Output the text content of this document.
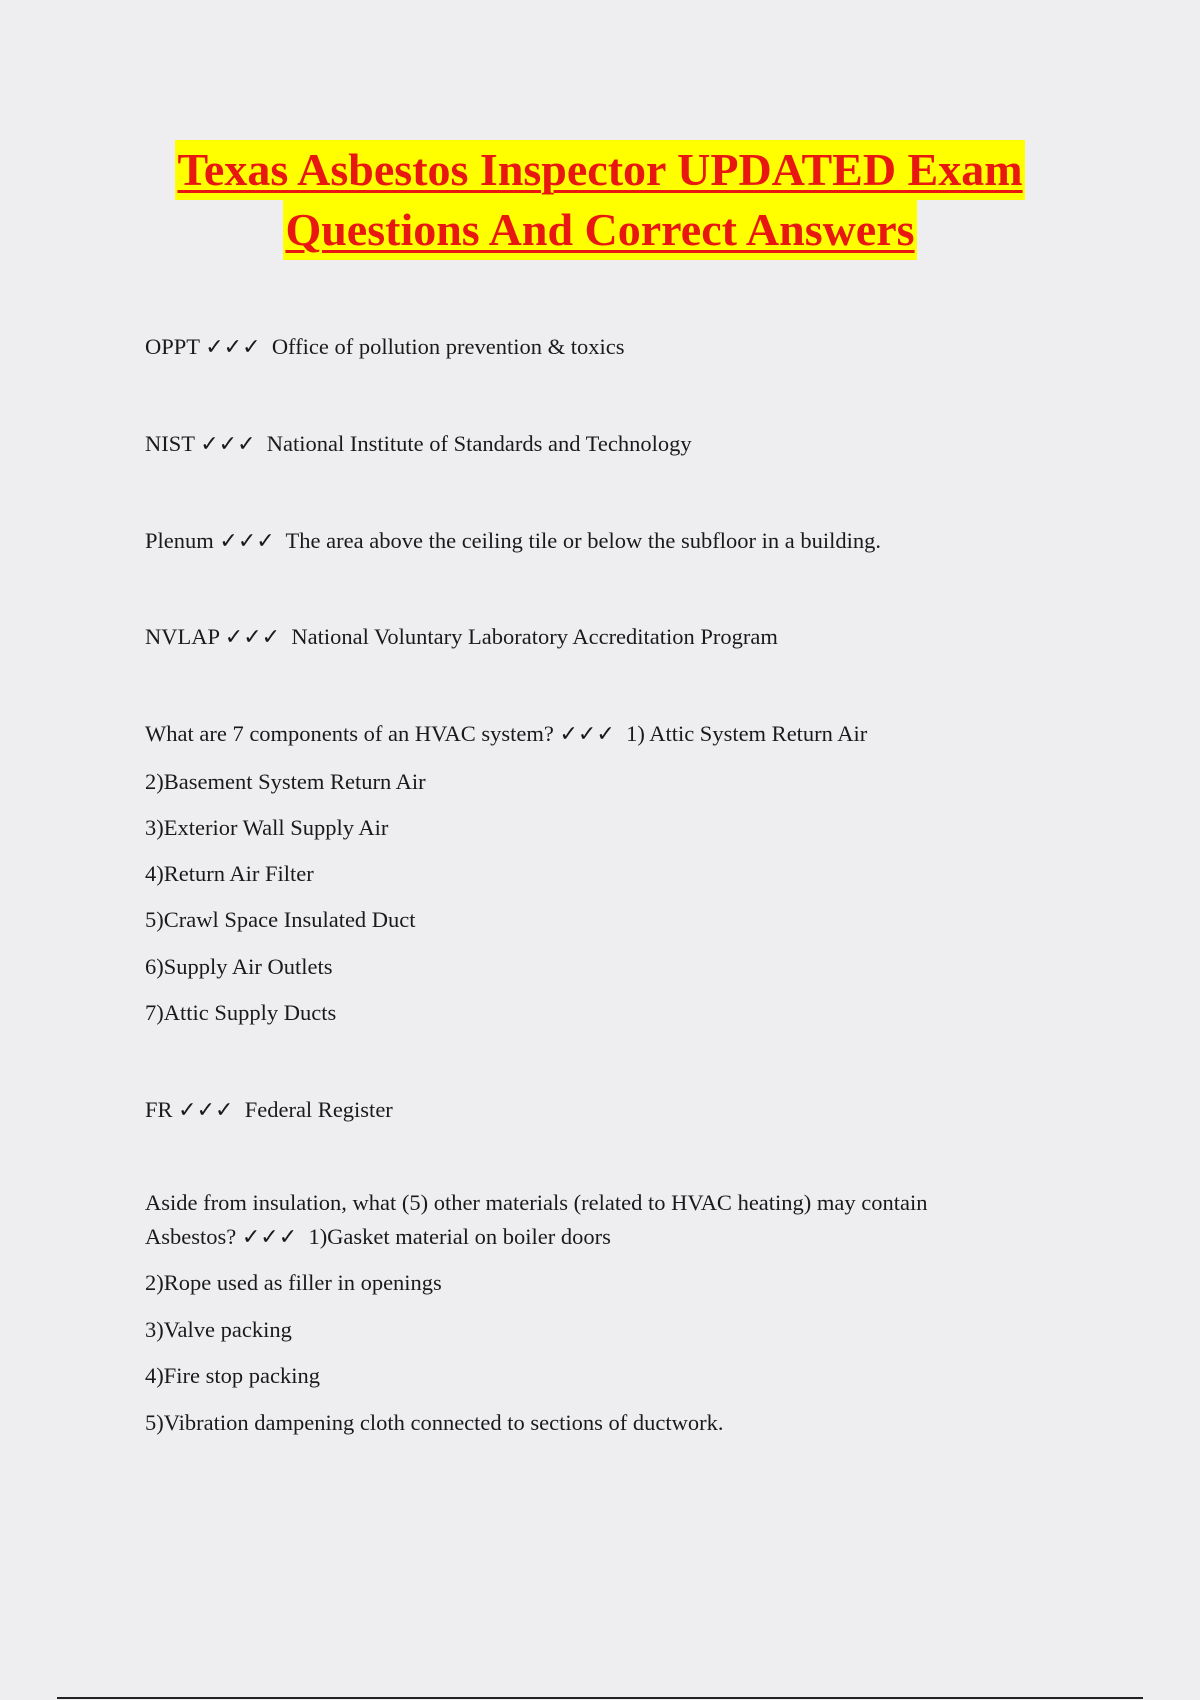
Texas Asbestos Inspector UPDATED Exam
Questions And Correct Answers
OPPT ✓✓✓ Office of pollution prevention & toxics
NIST ✓✓✓ National Institute of Standards and Technology
Plenum ✓✓✓ The area above the ceiling tile or below the subfloor in a building.
NVLAP ✓✓✓ National Voluntary Laboratory Accreditation Program
What are 7 components of an HVAC system? ✓✓✓ 1) Attic System Return Air
2)Basement System Return Air
3)Exterior Wall Supply Air
4)Return Air Filter
5)Crawl Space Insulated Duct
6)Supply Air Outlets
7)Attic Supply Ducts
FR ✓✓✓ Federal Register
Aside from insulation, what (5) other materials (related to HVAC heating) may contain
Asbestos? ✓✓✓ 1)Gasket material on boiler doors
2)Rope used as filler in openings
3)Valve packing
4)Fire stop packing
5)Vibration dampening cloth connected to sections of ductwork.
